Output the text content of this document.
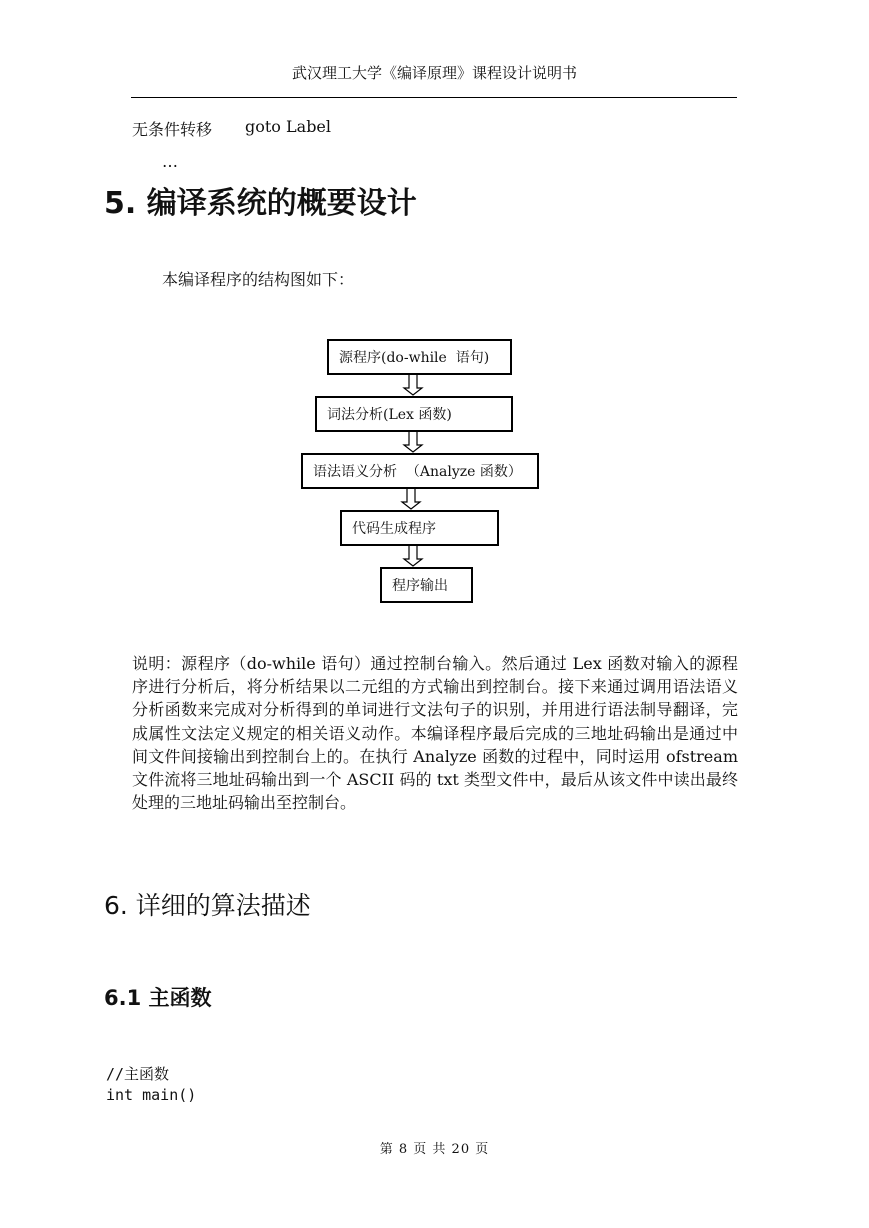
武汉理工大学《编译原理》课程设计说明书
无条件转移 goto Label
…
5. 编译系统的概要设计
本编译程序的结构图如下：
源程序(do-while  语句)
词法分析(Lex 函数)
语法语义分析  （Analyze 函数）
代码生成程序
程序输出
说明：源程序（do-while 语句）通过控制台输入。然后通过 Lex 函数对输入的源程序进行分析后，将分析结果以二元组的方式输出到控制台。接下来通过调用语法语义分析函数来完成对分析得到的单词进行文法句子的识别，并用进行语法制导翻译，完成属性文法定义规定的相关语义动作。本编译程序最后完成的三地址码输出是通过中间文件间接输出到控制台上的。在执行 Analyze 函数的过程中，同时运用 ofstream 文件流将三地址码输出到一个 ASCII 码的 txt 类型文件中，最后从该文件中读出最终处理的三地址码输出至控制台。
6. 详细的算法描述
6.1 主函数
//主函数
int main()
第 8 页 共 20 页
